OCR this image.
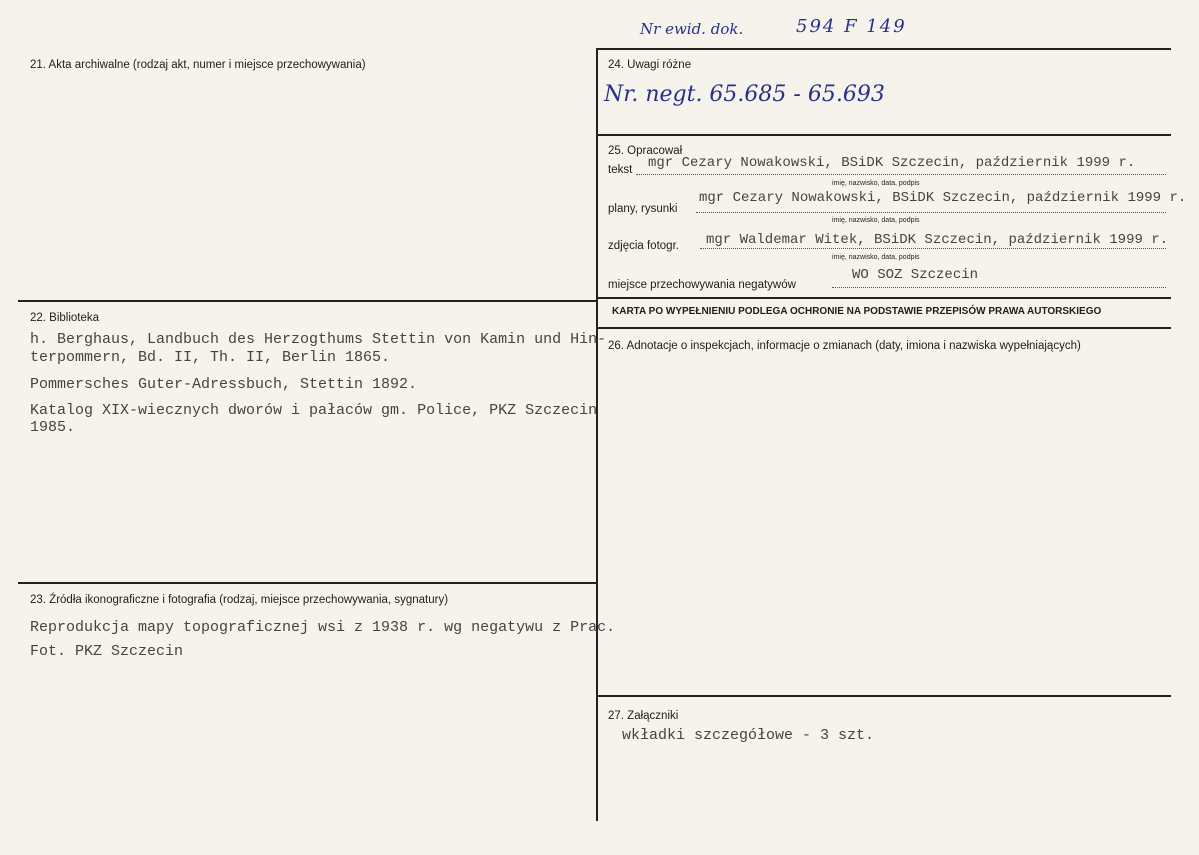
Nr ewid. dok.	594 F 149
21. Akta archiwalne (rodzaj akt, numer i miejsce przechowywania)
22. Biblioteka
h. Berghaus, Landbuch des Herzogthums Stettin von Kamin und Hin-
terpommern, Bd. II, Th. II, Berlin 1865.
Pommersches Guter-Adressbuch, Stettin 1892.
Katalog XIX-wiecznych dworów i pałaców gm. Police, PKZ Szczecin
1985.
23. Źródła ikonograficzne i fotografia (rodzaj, miejsce przechowywania, sygnatury)
Reprodukcja mapy topograficznej wsi z 1938 r. wg negatywu z Prac.
Fot. PKZ Szczecin
24. Uwagi różne
Nr. negt. 65.685 - 65.693
25. Opracował
tekst mgr Cezary Nowakowski, BSiDK Szczecin, październik 1999 r.
imię, nazwisko, data, podpis
plany, rysunki
mgr Cezary Nowakowski, BSiDK Szczecin, październik 1999 r.
imię, nazwisko, data, podpis
zdjęcia fotogr. mgr Waldemar Witek, BSiDK Szczecin, październik 1999 r.
imię, nazwisko, data, podpis
miejsce przechowywania negatywów
WO SOZ Szczecin
KARTA PO WYPEŁNIENIU PODLEGA OCHRONIE NA PODSTAWIE PRZEPISÓW PRAWA AUTORSKIEGO
26. Adnotacje o inspekcjach, informacje o zmianach (daty, imiona i nazwiska wypełniających)
27. Załączniki
wkładki szczegółowe - 3 szt.
